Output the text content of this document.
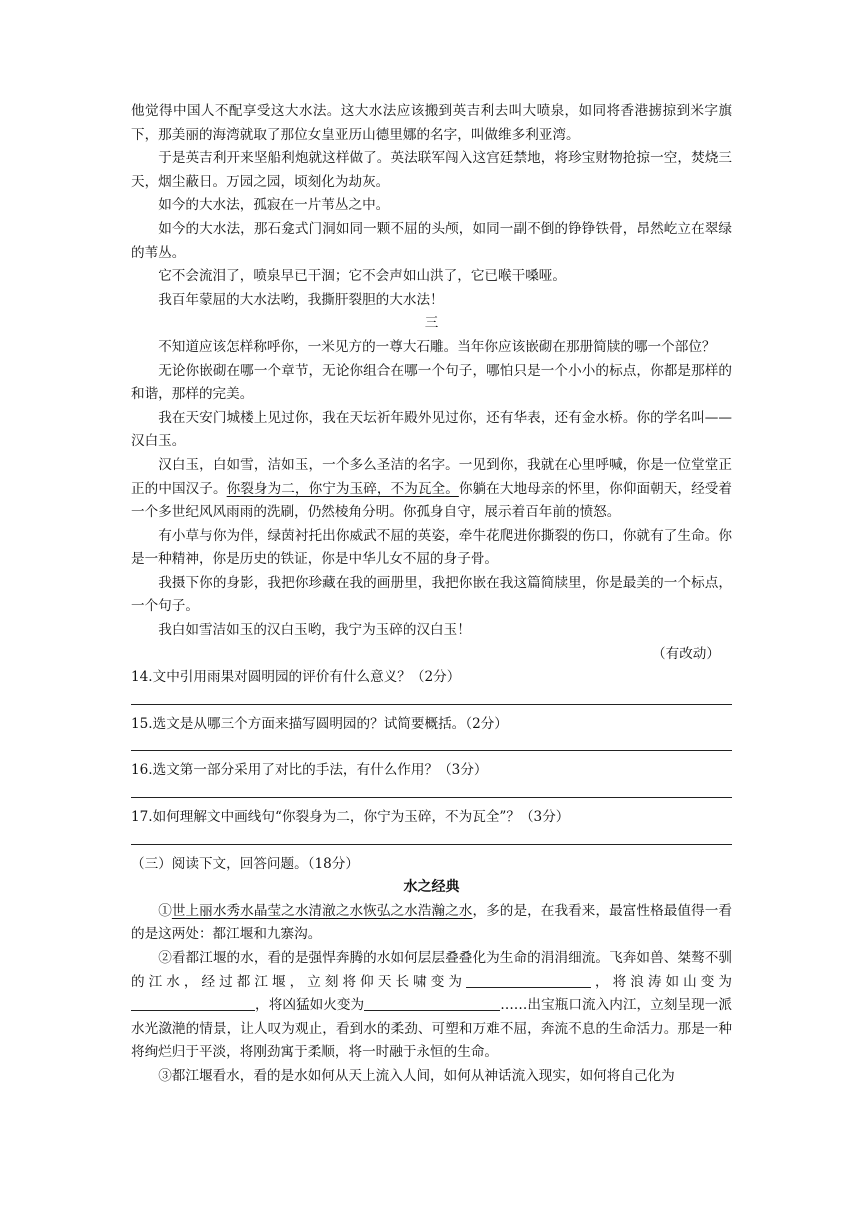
他觉得中国人不配享受这大水法。这大水法应该搬到英吉利去叫大喷泉，如同将香港掳掠到米字旗下，那美丽的海湾就取了那位女皇亚历山德里娜的名字，叫做维多利亚湾。

于是英吉利开来坚船利炮就这样做了。英法联军闯入这宫廷禁地，将珍宝财物抢掠一空，焚烧三天，烟尘蔽日。万园之园，顷刻化为劫灰。

如今的大水法，孤寂在一片苇丛之中。

如今的大水法，那石龛式门洞如同一颗不屈的头颅，如同一副不倒的铮铮铁骨，昂然屹立在翠绿的苇丛。

它不会流泪了，喷泉早已干涸；它不会声如山洪了，它已喉干嗓哑。

我百年蒙屈的大水法哟，我撕肝裂胆的大水法！

三

不知道应该怎样称呼你，一米见方的一尊大石雕。当年你应该嵌砌在那册简牍的哪一个部位？

无论你嵌砌在哪一个章节，无论你组合在哪一个句子，哪怕只是一个小小的标点，你都是那样的和谐，那样的完美。

我在天安门城楼上见过你，我在天坛祈年殿外见过你，还有华表，还有金水桥。你的学名叫——汉白玉。

汉白玉，白如雪，洁如玉，一个多么圣洁的名字。一见到你，我就在心里呼喊，你是一位堂堂正正的中国汉子。你裂身为二，你宁为玉碎，不为瓦全。你躺在大地母亲的怀里，你仰面朝天，经受着一个多世纪风风雨雨的洗刷，仍然棱角分明。你孤身自守，展示着百年前的愤怒。

有小草与你为伴，绿茵衬托出你威武不屈的英姿，牵牛花爬进你撕裂的伤口，你就有了生命。你是一种精神，你是历史的铁证，你是中华儿女不屈的身子骨。

我摄下你的身影，我把你珍藏在我的画册里，我把你嵌在我这篇简牍里，你是最美的一个标点，一个句子。

我白如雪洁如玉的汉白玉哟，我宁为玉碎的汉白玉！

（有改动）

14.文中引用雨果对圆明园的评价有什么意义？（2分）

15.选文是从哪三个方面来描写圆明园的？试简要概括。（2分）

16.选文第一部分采用了对比的手法，有什么作用？（3分）

17.如何理解文中画线句“你裂身为二，你宁为玉碎，不为瓦全”？（3分）

（三）阅读下文，回答问题。（18分）

水之经典

①世上丽水秀水晶莹之水清澈之水恢弘之水浩瀚之水，多的是，在我看来，最富性格最值得一看的是这两处：都江堰和九寨沟。

②看都江堰的水，看的是强悍奔腾的水如何层层叠叠化为生命的涓涓细流。飞奔如兽、桀骜不驯的江水，经过都江堰，立刻将仰天长啸变为	，将浪涛如山变为，将凶猛如火变为	……出宝瓶口流入内江，立刻呈现一派水光潋滟的情景，让人叹为观止，看到水的柔劲、可塑和万难不屈，奔流不息的生命活力。那是一种将绚烂归于平淡，将刚劲寓于柔顺，将一时融于永恒的生命。

③都江堰看水，看的是水如何从天上流入人间，如何从神话流入现实，如何将自己化为
